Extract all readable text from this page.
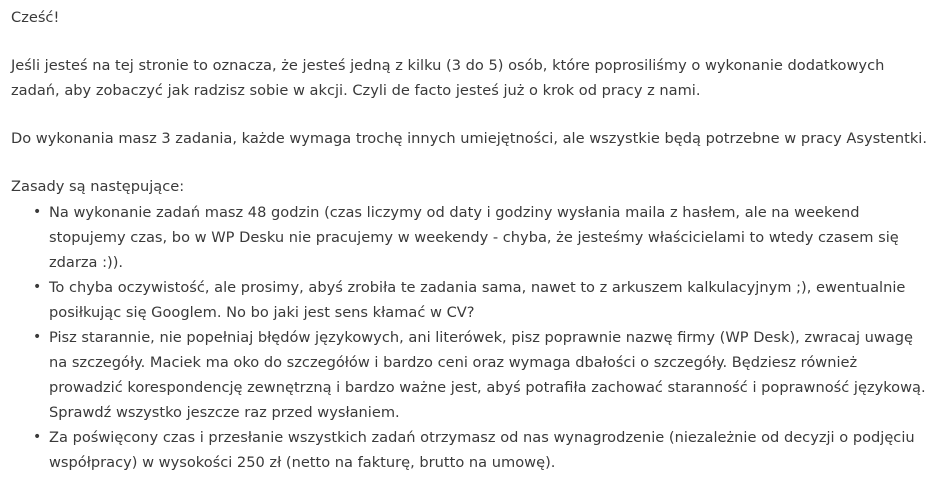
Cześć!

Jeśli jesteś na tej stronie to oznacza, że jesteś jedną z kilku (3 do 5) osób, które poprosiliśmy o wykonanie dodatkowych zadań, aby zobaczyć jak radzisz sobie w akcji. Czyli de facto jesteś już o krok od pracy z nami.

Do wykonania masz 3 zadania, każde wymaga trochę innych umiejętności, ale wszystkie będą potrzebne w pracy Asystentki.

Zasady są następujące:

• Na wykonanie zadań masz 48 godzin (czas liczymy od daty i godziny wysłania maila z hasłem, ale na weekend stopujemy czas, bo w WP Desku nie pracujemy w weekendy - chyba, że jesteśmy właścicielami to wtedy czasem się zdarza :)).
• To chyba oczywistość, ale prosimy, abyś zrobiła te zadania sama, nawet to z arkuszem kalkulacyjnym ;), ewentualnie posiłkując się Googlem. No bo jaki jest sens kłamać w CV?
• Pisz starannie, nie popełniaj błędów językowych, ani literówek, pisz poprawnie nazwę firmy (WP Desk), zwracaj uwagę na szczegóły. Maciek ma oko do szczegółów i bardzo ceni oraz wymaga dbałości o szczegóły. Będziesz również prowadzić korespondencję zewnętrzną i bardzo ważne jest, abyś potrafiła zachować staranność i poprawność językową. Sprawdź wszystko jeszcze raz przed wysłaniem.
• Za poświęcony czas i przesłanie wszystkich zadań otrzymasz od nas wynagrodzenie (niezależnie od decyzji o podjęciu współpracy) w wysokości 250 zł (netto na fakturę, brutto na umowę).
